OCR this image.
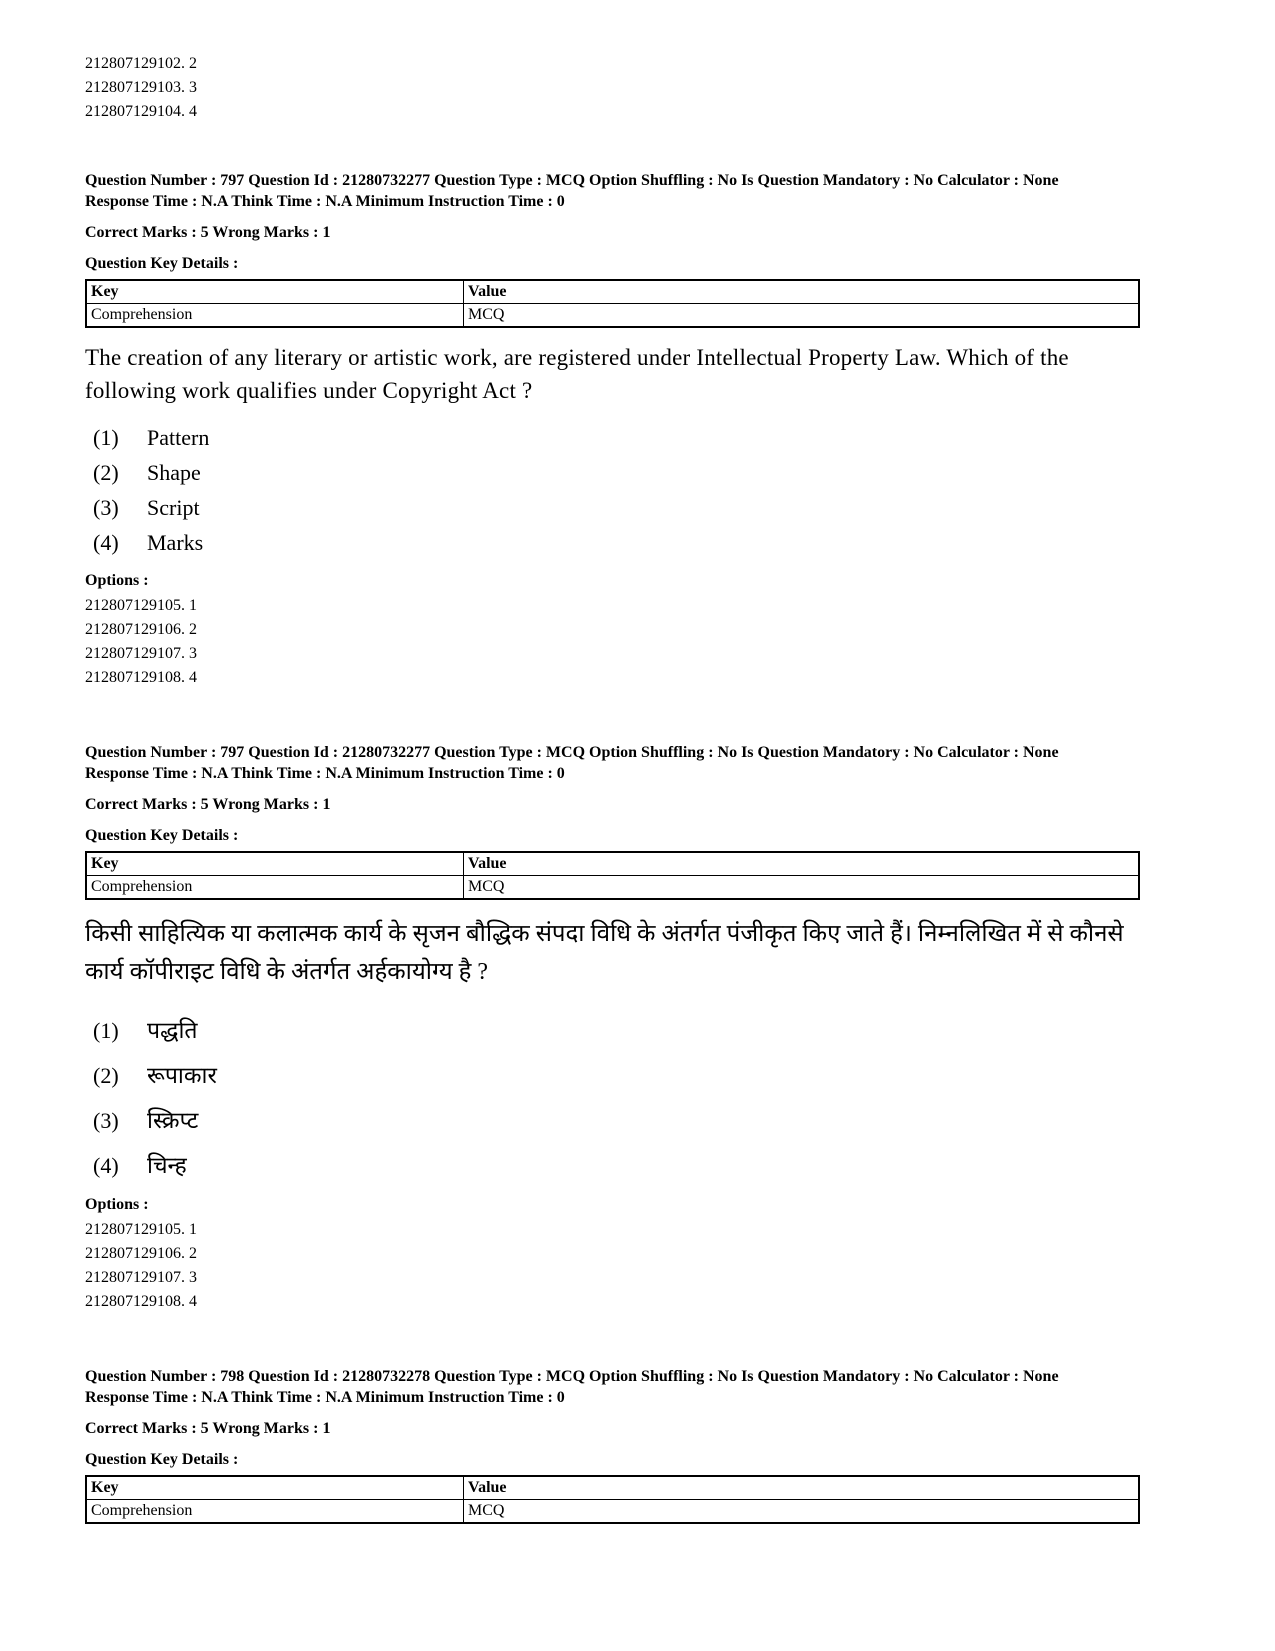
212807129102. 2
212807129103. 3
212807129104. 4

Question Number : 797 Question Id : 21280732277 Question Type : MCQ Option Shuffling : No Is Question Mandatory : No Calculator : None

Response Time : N.A Think Time : N.A Minimum Instruction Time : 0

Correct Marks : 5 Wrong Marks : 1

Question Key Details :

Key	Value
Comprehension	MCQ

The creation of any literary or artistic work, are registered under Intellectual Property Law. Which of the following work qualifies under Copyright Act ?

(1)	Pattern
(2)	Shape
(3)	Script
(4)	Marks

Options :

212807129105. 1
212807129106. 2
212807129107. 3
212807129108. 4

Question Number : 797 Question Id : 21280732277 Question Type : MCQ Option Shuffling : No Is Question Mandatory : No Calculator : None

Response Time : N.A Think Time : N.A Minimum Instruction Time : 0

Correct Marks : 5 Wrong Marks : 1

Question Key Details :

Key	Value
Comprehension	MCQ

किसी साहित्यिक या कलात्मक कार्य के सृजन बौद्धिक संपदा विधि के अंतर्गत पंजीकृत किए जाते हैं। निम्नलिखित में से कौनसे कार्य कॉपीराइट विधि के अंतर्गत अर्हकायोग्य है ?

(1)	पद्धति
(2)	रूपाकार
(3)	स्क्रिप्ट
(4)	चिन्ह

Options :

212807129105. 1
212807129106. 2
212807129107. 3
212807129108. 4

Question Number : 798 Question Id : 21280732278 Question Type : MCQ Option Shuffling : No Is Question Mandatory : No Calculator : None

Response Time : N.A Think Time : N.A Minimum Instruction Time : 0

Correct Marks : 5 Wrong Marks : 1

Question Key Details :

Key	Value
Comprehension	MCQ
